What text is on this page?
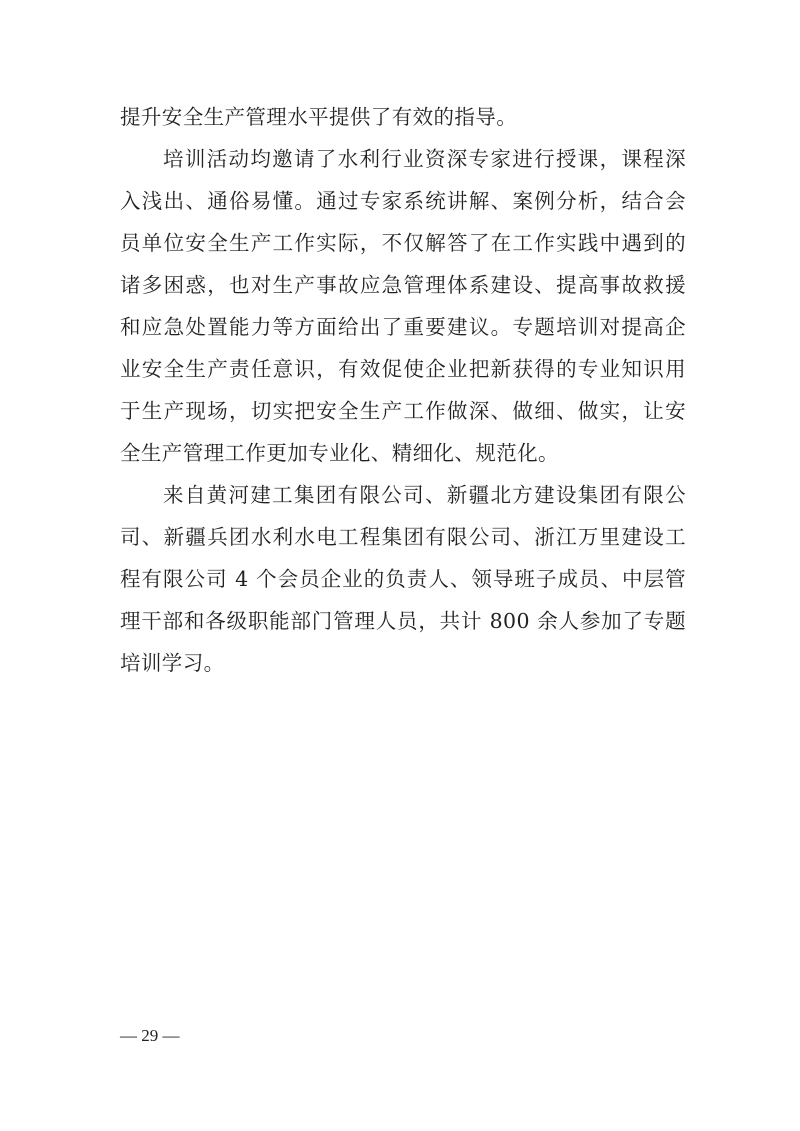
提升安全生产管理水平提供了有效的指导。
培训活动均邀请了水利行业资深专家进行授课，课程深
入浅出、通俗易懂。通过专家系统讲解、案例分析，结合会
员单位安全生产工作实际，不仅解答了在工作实践中遇到的
诸多困惑，也对生产事故应急管理体系建设、提高事故救援
和应急处置能力等方面给出了重要建议。专题培训对提高企
业安全生产责任意识，有效促使企业把新获得的专业知识用
于生产现场，切实把安全生产工作做深、做细、做实，让安
全生产管理工作更加专业化、精细化、规范化。
来自黄河建工集团有限公司、新疆北方建设集团有限公
司、新疆兵团水利水电工程集团有限公司、浙江万里建设工
程有限公司 4 个会员企业的负责人、领导班子成员、中层管
理干部和各级职能部门管理人员，共计 800 余人参加了专题
培训学习。
— 29 —
